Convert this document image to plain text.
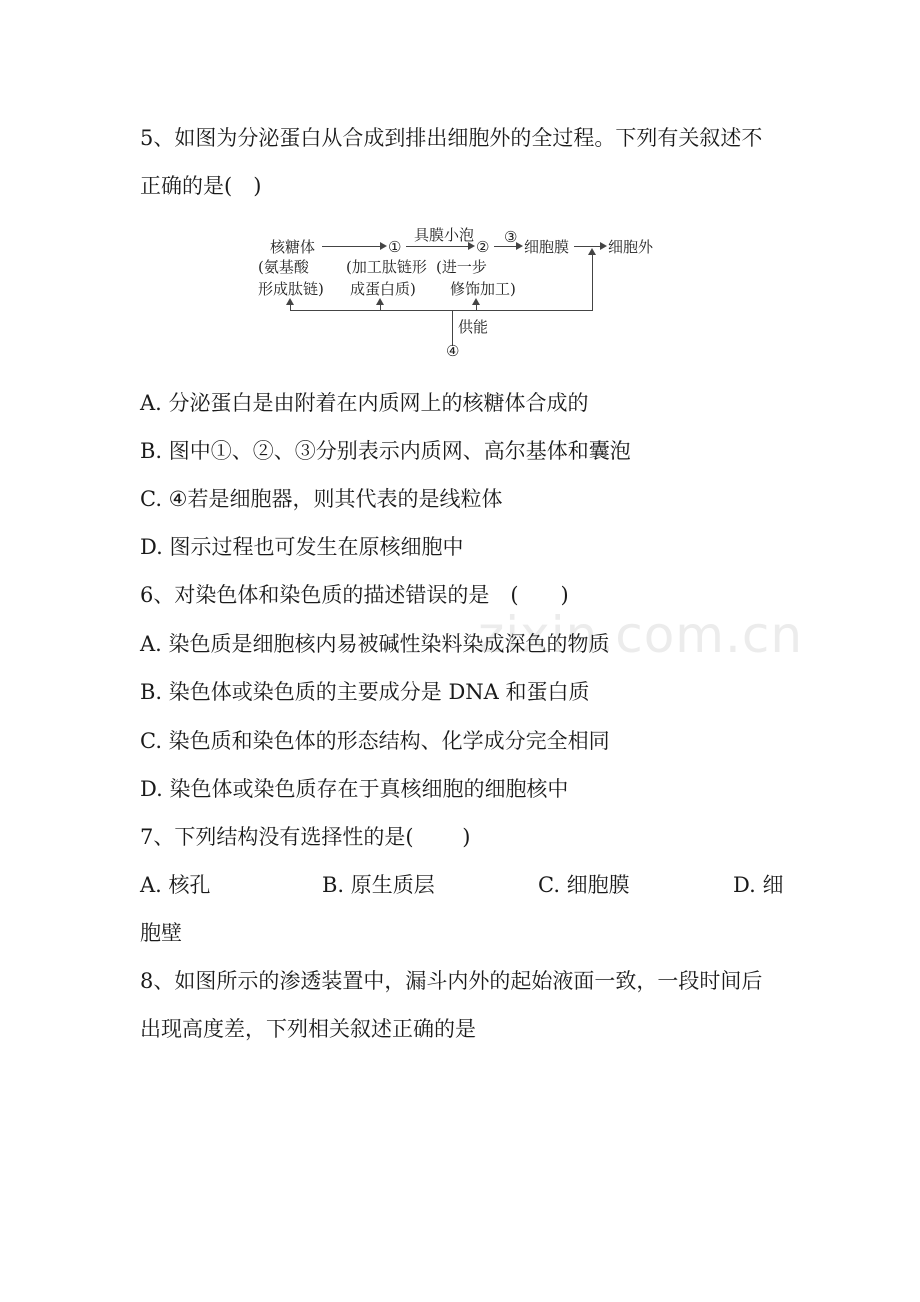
zixin.com.cn
5、如图为分泌蛋白从合成到排出细胞外的全过程。下列有关叙述不
正确的是(　)
核糖体	①
具膜小泡
②
③
细胞膜	细胞外
(氨基酸
形成肽链)
(加工肽链形
成蛋白质)
(进一步
修饰加工)
供能
④
A. 分泌蛋白是由附着在内质网上的核糖体合成的
B. 图中①、②、③分别表示内质网、高尔基体和囊泡
C. ④若是细胞器，则其代表的是线粒体
D. 图示过程也可发生在原核细胞中
6、对染色体和染色质的描述错误的是　(　　)
A. 染色质是细胞核内易被碱性染料染成深色的物质
B. 染色体或染色质的主要成分是 DNA 和蛋白质
C. 染色质和染色体的形态结构、化学成分完全相同
D. 染色体或染色质存在于真核细胞的细胞核中
7、下列结构没有选择性的是(　　 )
A. 核孔	B. 原生质层	C. 细胞膜	D. 细
胞壁
8、如图所示的渗透装置中，漏斗内外的起始液面一致，一段时间后
出现高度差，下列相关叙述正确的是
